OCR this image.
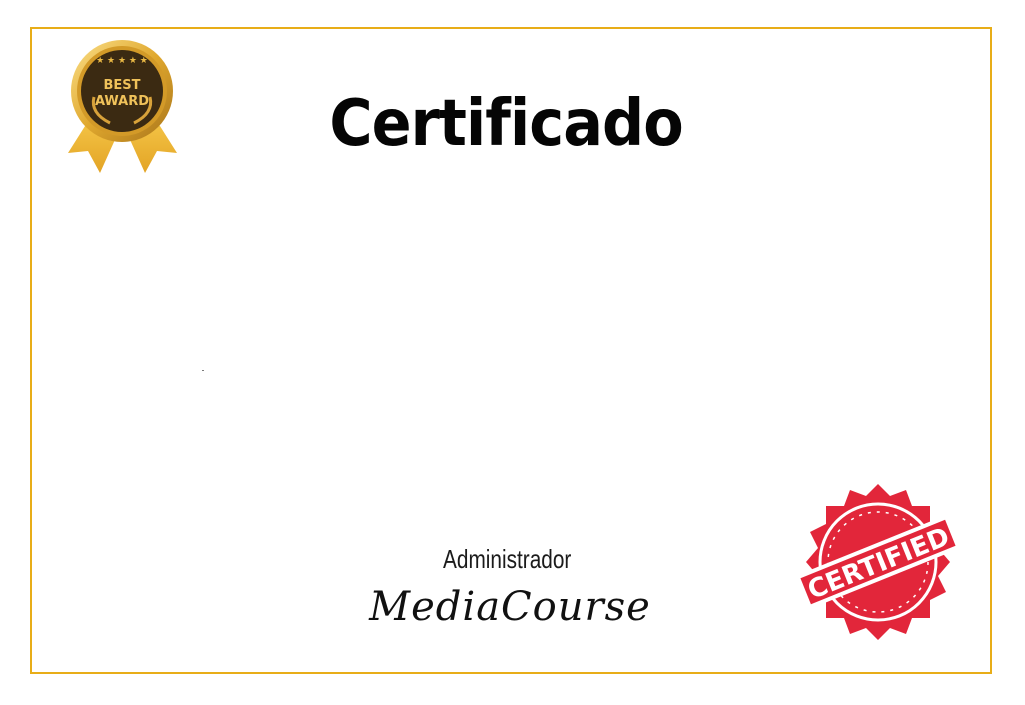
★ ★ ★ ★ ★
BEST
AWARD	Certificado
Administrador
MediaCourse
CERTIFIED
